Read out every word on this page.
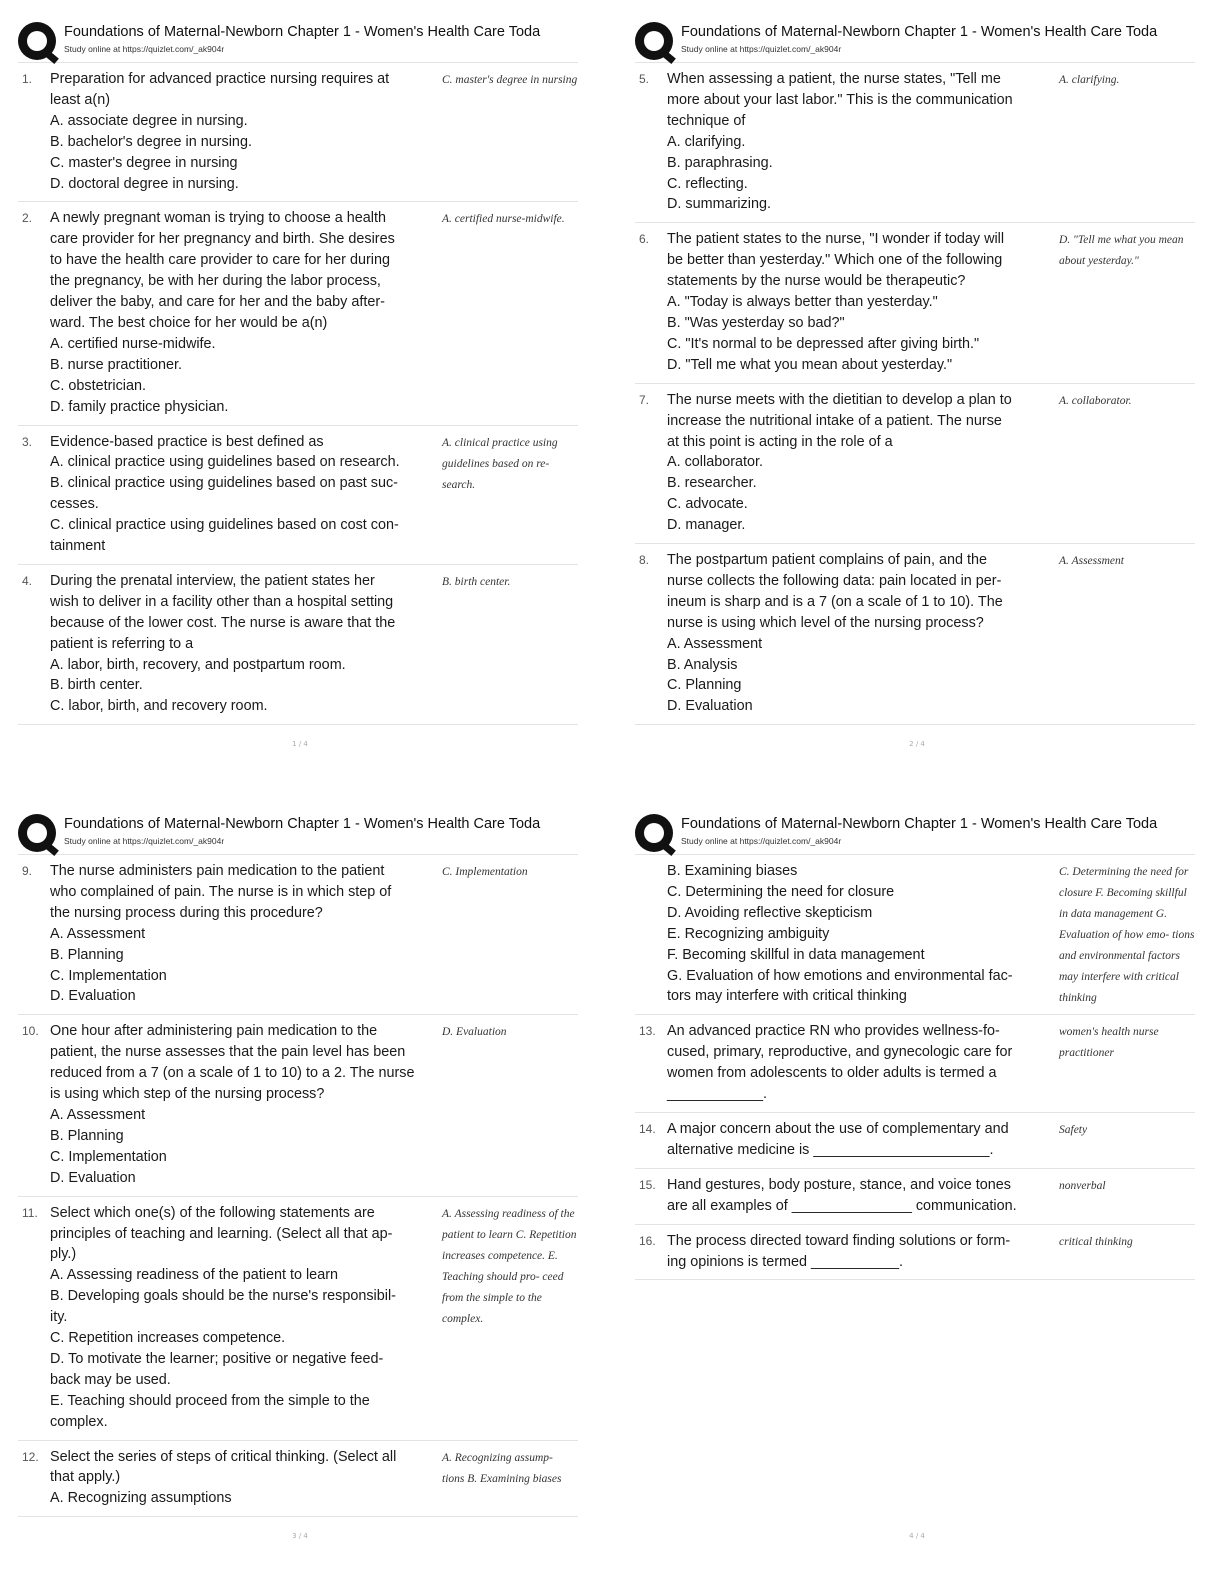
Foundations of Maternal-Newborn Chapter 1 - Women's Health Care Toda
Study online at https://quizlet.com/_ak904r
1. Preparation for advanced practice nursing requires at
least a(n)
A. associate degree in nursing.
B. bachelor's degree in nursing.
C. master's degree in nursing
D. doctoral degree in nursing.
C. master's degree in nursing
2. A newly pregnant woman is trying to choose a health
care provider for her pregnancy and birth. She desires
to have the health care provider to care for her during
the pregnancy, be with her during the labor process,
deliver the baby, and care for her and the baby after-
ward. The best choice for her would be a(n)
A. certified nurse-midwife.
B. nurse practitioner.
C. obstetrician.
D. family practice physician.
A. certified nurse-midwife.
3. Evidence-based practice is best defined as
A. clinical practice using guidelines based on research.
B. clinical practice using guidelines based on past suc-
cesses.
C. clinical practice using guidelines based on cost con-
tainment
A. clinical practice using guidelines based on re- search.
4. During the prenatal interview, the patient states her
wish to deliver in a facility other than a hospital setting
because of the lower cost. The nurse is aware that the
patient is referring to a
A. labor, birth, recovery, and postpartum room.
B. birth center.
C. labor, birth, and recovery room.
B. birth center.
1 / 4
Foundations of Maternal-Newborn Chapter 1 - Women's Health Care Toda
Study online at https://quizlet.com/_ak904r
5. When assessing a patient, the nurse states, "Tell me
more about your last labor." This is the communication
technique of
A. clarifying.
B. paraphrasing.
C. reflecting.
D. summarizing.
A. clarifying.
6. The patient states to the nurse, "I wonder if today will
be better than yesterday." Which one of the following
statements by the nurse would be therapeutic?
A. "Today is always better than yesterday."
B. "Was yesterday so bad?"
C. "It's normal to be depressed after giving birth."
D. "Tell me what you mean about yesterday."
D. "Tell me what you mean about yesterday."
7. The nurse meets with the dietitian to develop a plan to
increase the nutritional intake of a patient. The nurse
at this point is acting in the role of a
A. collaborator.
B. researcher.
C. advocate.
D. manager.
A. collaborator.
8. The postpartum patient complains of pain, and the
nurse collects the following data: pain located in per-
ineum is sharp and is a 7 (on a scale of 1 to 10). The
nurse is using which level of the nursing process?
A. Assessment
B. Analysis
C. Planning
D. Evaluation
A. Assessment
2 / 4
Foundations of Maternal-Newborn Chapter 1 - Women's Health Care Toda
Study online at https://quizlet.com/_ak904r
9. The nurse administers pain medication to the patient
who complained of pain. The nurse is in which step of
the nursing process during this procedure?
A. Assessment
B. Planning
C. Implementation
D. Evaluation
C. Implementation
10. One hour after administering pain medication to the
patient, the nurse assesses that the pain level has been
reduced from a 7 (on a scale of 1 to 10) to a 2. The nurse
is using which step of the nursing process?
A. Assessment
B. Planning
C. Implementation
D. Evaluation
D. Evaluation
11. Select which one(s) of the following statements are
principles of teaching and learning. (Select all that ap-
ply.)
A. Assessing readiness of the patient to learn
B. Developing goals should be the nurse's responsibil-
ity.
C. Repetition increases competence.
D. To motivate the learner; positive or negative feed-
back may be used.
E. Teaching should proceed from the simple to the
complex.
A. Assessing readiness of the patient to learn C. Repetition increases competence. E. Teaching should pro- ceed from the simple to the complex.
12. Select the series of steps of critical thinking. (Select all
that apply.)
A. Recognizing assumptions
A. Recognizing assump- tions B. Examining biases
3 / 4
Foundations of Maternal-Newborn Chapter 1 - Women's Health Care Toda
Study online at https://quizlet.com/_ak904r
B. Examining biases
C. Determining the need for closure
D. Avoiding reflective skepticism
E. Recognizing ambiguity
F. Becoming skillful in data management
G. Evaluation of how emotions and environmental fac-
tors may interfere with critical thinking
C. Determining the need for closure F. Becoming skillful in data management G. Evaluation of how emo- tions and environmental factors may interfere with critical thinking
13. An advanced practice RN who provides wellness-fo-
cused, primary, reproductive, and gynecologic care for
women from adolescents to older adults is termed a
____________.
women's health nurse practitioner
14. A major concern about the use of complementary and
alternative medicine is ______________________.
Safety
15. Hand gestures, body posture, stance, and voice tones
are all examples of _______________ communication.
nonverbal
16. The process directed toward finding solutions or form-
ing opinions is termed ___________.
critical thinking
4 / 4
